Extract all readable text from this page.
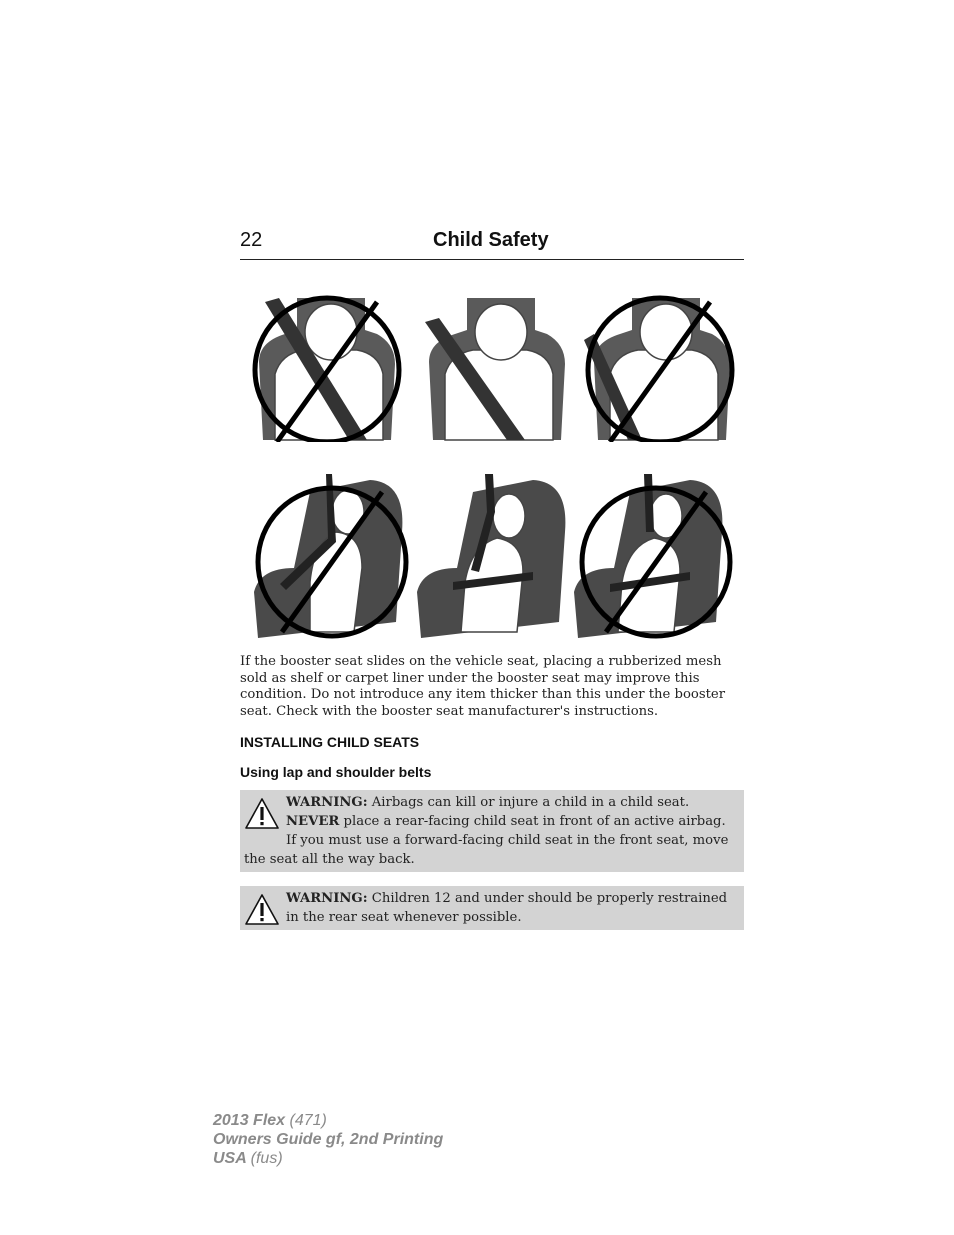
22	Child Safety

If the booster seat slides on the vehicle seat, placing a rubberized mesh sold as shelf or carpet liner under the booster seat may improve this condition. Do not introduce any item thicker than this under the booster seat. Check with the booster seat manufacturer's instructions.

INSTALLING CHILD SEATS
Using lap and shoulder belts
WARNING: Airbags can kill or injure a child in a child seat.
NEVER place a rear-facing child seat in front of an active airbag. If you must use a forward-facing child seat in the front seat, move the seat all the way back.
WARNING: Children 12 and under should be properly restrained in the rear seat whenever possible.
2013 Flex (471)
Owners Guide gf, 2nd Printing
USA (fus)
